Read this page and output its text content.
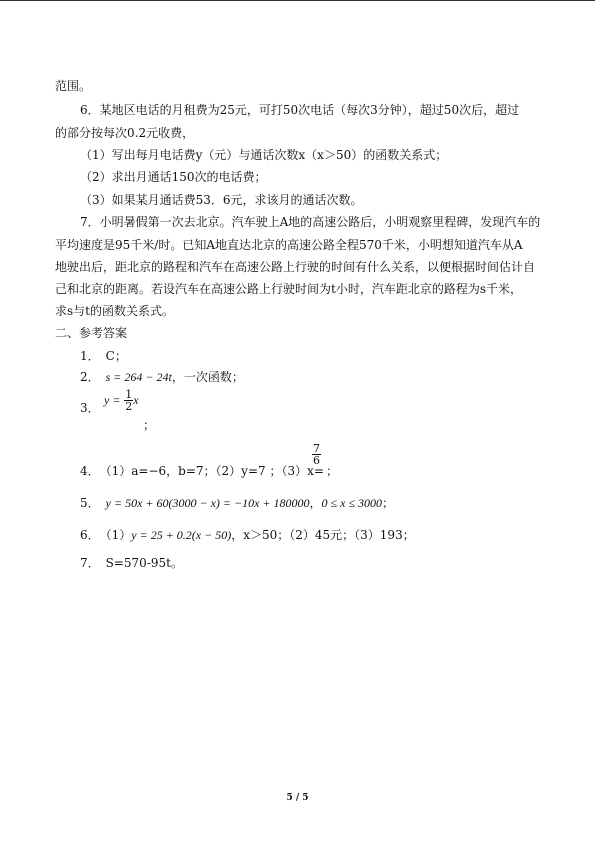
范围。
6．某地区电话的月租费为25元，可打50次电话（每次3分钟），超过50次后，超过
的部分按每次0.2元收费，
（1）写出每月电话费y（元）与通话次数x（x＞50）的函数关系式；
（2）求出月通话150次的电话费；
（3）如果某月通话费53．6元，求该月的通话次数。
7．小明暑假第一次去北京。汽车驶上A地的高速公路后，小明观察里程碑，发现汽车的
平均速度是95千米/时。已知A地直达北京的高速公路全程570千米，小明想知道汽车从A
地驶出后，距北京的路程和汽车在高速公路上行驶的时间有什么关系，以便根据时间估计自
己和北京的距离。若设汽车在高速公路上行驶时间为t小时，汽车距北京的路程为s千米，
求s与t的函数关系式。
二、参考答案
1． C；
2． s = 264 − 24t，一次函数；
3．
$y = \frac{1}{2}$ x
；
4． （1）a=−6，b=7；（2）y=7 ；（3）x=
$\frac{7}{6}$
；
5． y = 50x + 60(3000 − x) = −10x + 180000，0 ≤ x ≤ 3000；
6． （1）y = 25 + 0.2(x − 50)，x＞50；（2）45元；（3）193；
7． S=570-95t。
5 / 5
